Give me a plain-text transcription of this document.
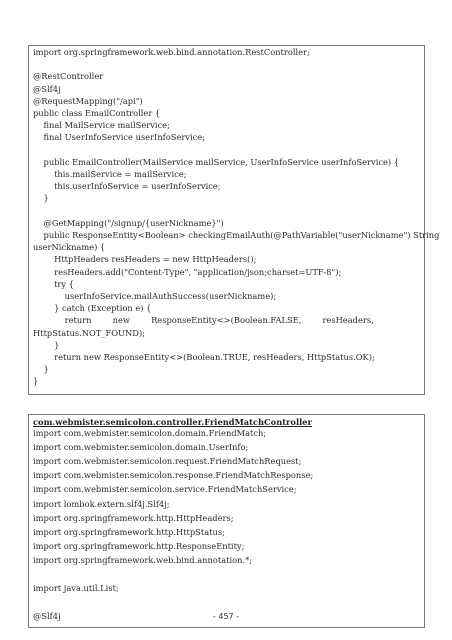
import org.springframework.web.bind.annotation.RestController;
@RestController
@Slf4j
@RequestMapping("/api")
public class EmailController {
final MailService mailService;
final UserInfoService userInfoService;
public EmailController(MailService mailService, UserInfoService userInfoService) {
this.mailService = mailService;
this.userInfoService = userInfoService;
}
@GetMapping("/signup/{userNickname}")
public ResponseEntity<Boolean> checkingEmailAuth(@PathVariable("userNickname") String
userNickname) {
HttpHeaders resHeaders = new HttpHeaders();
resHeaders.add("Content-Type", "application/json;charset=UTF-8");
try {
userInfoService.mailAuthSuccess(userNickname);
} catch (Exception e) {
return        new        ResponseEntity<>(Boolean.FALSE,        resHeaders,
HttpStatus.NOT_FOUND);
}
return new ResponseEntity<>(Boolean.TRUE, resHeaders, HttpStatus.OK);
}
}
com.webmister.semicolon.controller.FriendMatchController
import com.webmister.semicolon.domain.FriendMatch;
import com.webmister.semicolon.domain.UserInfo;
import com.webmister.semicolon.request.FriendMatchRequest;
import com.webmister.semicolon.response.FriendMatchResponse;
import com.webmister.semicolon.service.FriendMatchService;
import lombok.extern.slf4j.Slf4j;
import org.springframework.http.HttpHeaders;
import org.springframework.http.HttpStatus;
import org.springframework.http.ResponseEntity;
import org.springframework.web.bind.annotation.*;
import java.util.List;
@Slf4j	- 457 -
